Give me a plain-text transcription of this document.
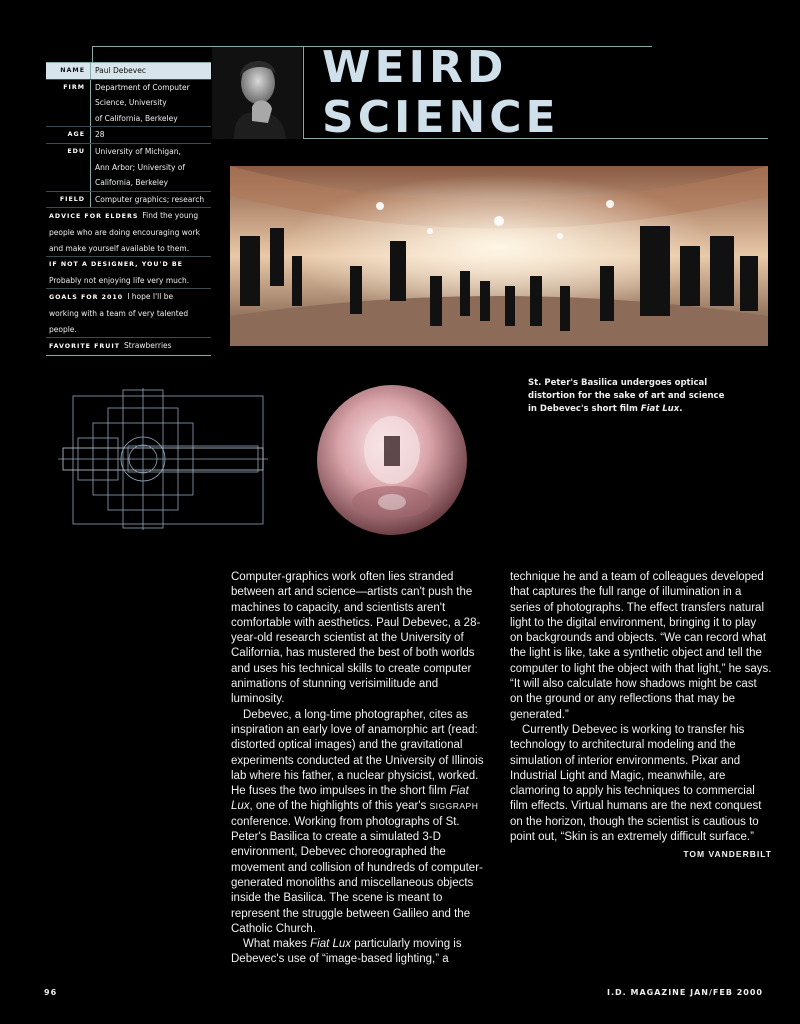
WEIRD
SCIENCE
NAME	Paul Debevec
FIRM	Department of Computer
Science, University
of California, Berkeley
AGE	28
EDU	University of Michigan,
Ann Arbor; University of
California, Berkeley
FIELD	Computer graphics; research
ADVICE FOR ELDERS Find the young
people who are doing encouraging work
and make yourself available to them.
IF NOT A DESIGNER, YOU'D BE
Probably not enjoying life very much.
GOALS FOR 2010 I hope I'll be
working with a team of very talented
people.
FAVORITE FRUIT Strawberries
St. Peter's Basilica undergoes optical distortion for the sake of art and science in Debevec's short film Fiat Lux.

Computer-graphics work often lies stranded between art and science—artists can't push the machines to capacity, and scientists aren't comfortable with aesthetics. Paul Debevec, a 28-year-old research scientist at the University of California, has mustered the best of both worlds and uses his technical skills to create computer animations of stunning verisimilitude and luminosity.

Debevec, a long-time photographer, cites as inspiration an early love of anamorphic art (read: distorted optical images) and the gravitational experiments conducted at the University of Illinois lab where his father, a nuclear physicist, worked. He fuses the two impulses in the short film Fiat Lux, one of the highlights of this year's SIGGRAPH conference. Working from photographs of St. Peter's Basilica to create a simulated 3-D environment, Debevec choreographed the movement and collision of hundreds of computer-generated monoliths and miscellaneous objects inside the Basilica. The scene is meant to represent the struggle between Galileo and the Catholic Church.

What makes Fiat Lux particularly moving is Debevec's use of “image-based lighting,” a

technique he and a team of colleagues developed that captures the full range of illumination in a series of photographs. The effect transfers natural light to the digital environment, bringing it to play on backgrounds and objects. “We can record what the light is like, take a synthetic object and tell the computer to light the object with that light,” he says. “It will also calculate how shadows might be cast on the ground or any reflections that may be generated.”

Currently Debevec is working to transfer his technology to architectural modeling and the simulation of interior environments. Pixar and Industrial Light and Magic, meanwhile, are clamoring to apply his techniques to commercial film effects. Virtual humans are the next conquest on the horizon, though the scientist is cautious to point out, “Skin is an extremely difficult surface.”
TOM VANDERBILT

96	I.D. MAGAZINE JAN/FEB 2000
